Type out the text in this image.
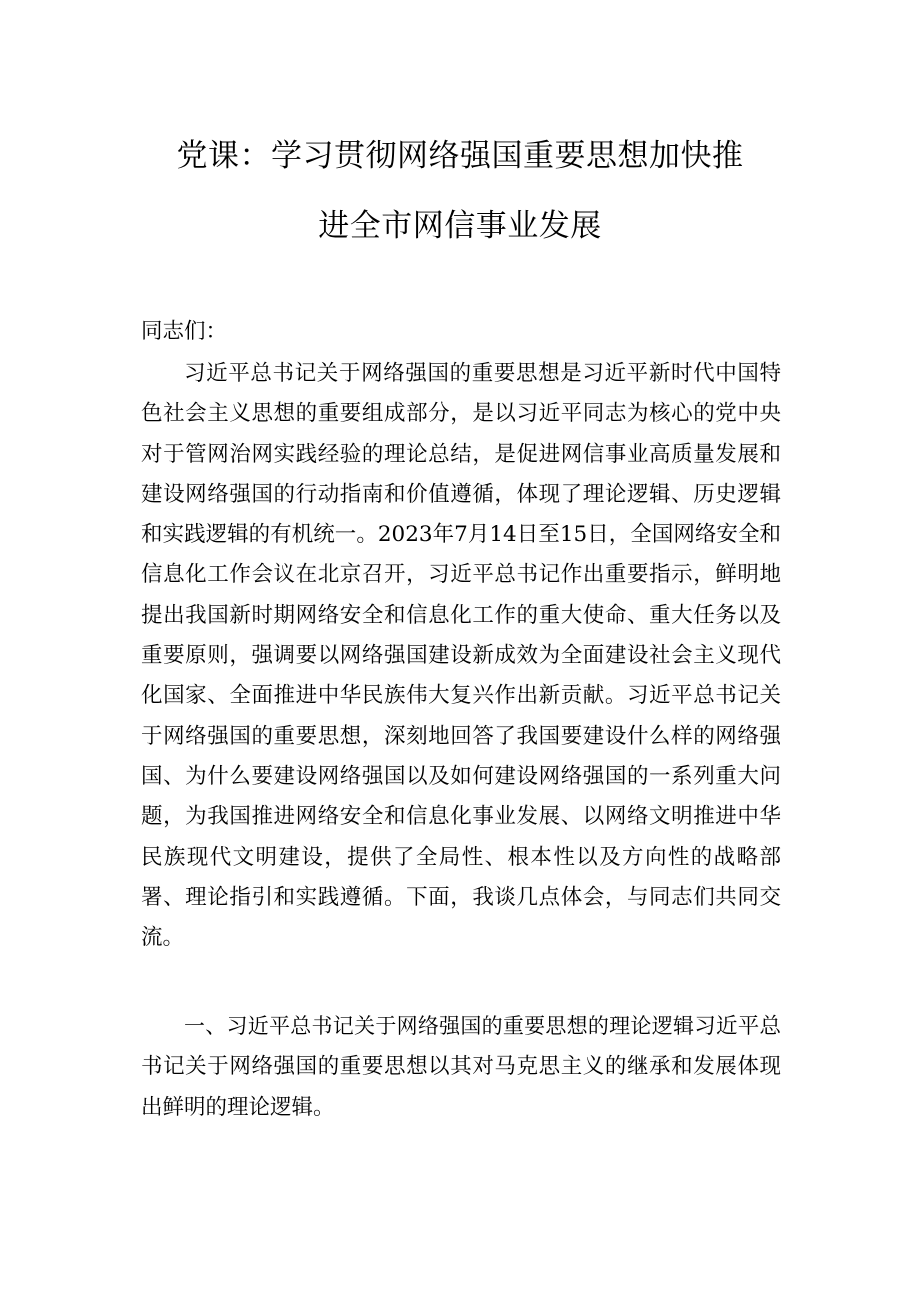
党课：学习贯彻网络强国重要思想加快推
进全市网信事业发展
同志们：
习近平总书记关于网络强国的重要思想是习近平新时代中国特色社会主义思想的重要组成部分，是以习近平同志为核心的党中央对于管网治网实践经验的理论总结，是促进网信事业高质量发展和建设网络强国的行动指南和价值遵循，体现了理论逻辑、历史逻辑和实践逻辑的有机统一。2023年7月14日至15日，全国网络安全和信息化工作会议在北京召开，习近平总书记作出重要指示，鲜明地提出我国新时期网络安全和信息化工作的重大使命、重大任务以及重要原则，强调要以网络强国建设新成效为全面建设社会主义现代化国家、全面推进中华民族伟大复兴作出新贡献。习近平总书记关于网络强国的重要思想，深刻地回答了我国要建设什么样的网络强国、为什么要建设网络强国以及如何建设网络强国的一系列重大问题，为我国推进网络安全和信息化事业发展、以网络文明推进中华民族现代文明建设，提供了全局性、根本性以及方向性的战略部署、理论指引和实践遵循。下面，我谈几点体会，与同志们共同交流。
一、习近平总书记关于网络强国的重要思想的理论逻辑习近平总书记关于网络强国的重要思想以其对马克思主义的继承和发展体现出鲜明的理论逻辑。
